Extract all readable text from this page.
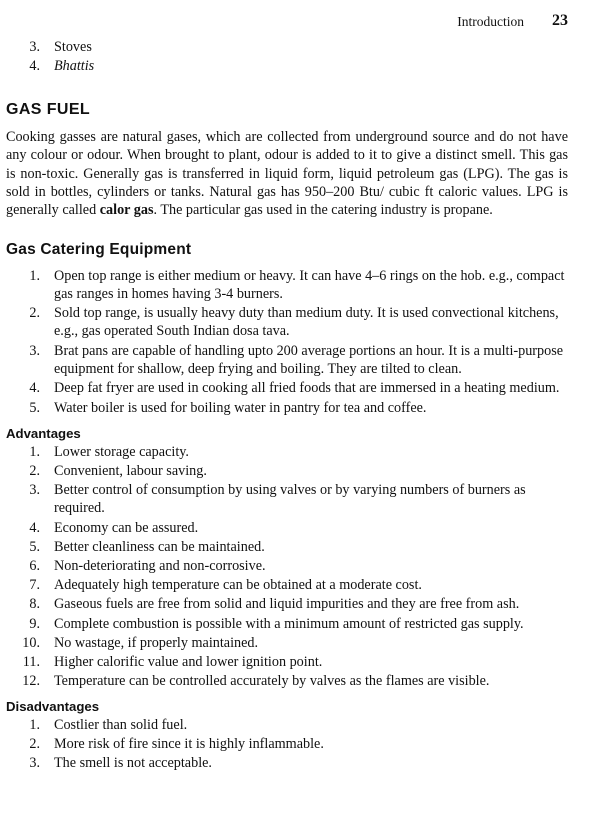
Introduction 23
3. Stoves
4. Bhattis
GAS FUEL

Cooking gasses are natural gases, which are collected from underground source and do not have any colour or odour. When brought to plant, odour is added to it to give a distinct smell. This gas is non-toxic. Generally gas is transferred in liquid form, liquid petroleum gas (LPG). The gas is sold in bottles, cylinders or tanks. Natural gas has 950–200 Btu/ cubic ft caloric values. LPG is generally called calor gas. The particular gas used in the catering industry is propane.

Gas Catering Equipment
1. Open top range is either medium or heavy. It can have 4–6 rings on the hob. e.g., compact gas ranges in homes having 3-4 burners.
2. Sold top range, is usually heavy duty than medium duty. It is used convectional kitchens, e.g., gas operated South Indian dosa tava.
3. Brat pans are capable of handling upto 200 average portions an hour. It is a multi-purpose equipment for shallow, deep frying and boiling. They are tilted to clean.
4. Deep fat fryer are used in cooking all fried foods that are immersed in a heating medium.
5. Water boiler is used for boiling water in pantry for tea and coffee.
Advantages
1. Lower storage capacity.
2. Convenient, labour saving.
3. Better control of consumption by using valves or by varying numbers of burners as required.
4. Economy can be assured.
5. Better cleanliness can be maintained.
6. Non-deteriorating and non-corrosive.
7. Adequately high temperature can be obtained at a moderate cost.
8. Gaseous fuels are free from solid and liquid impurities and they are free from ash.
9. Complete combustion is possible with a minimum amount of restricted gas supply.
10. No wastage, if properly maintained.
11. Higher calorific value and lower ignition point.
12. Temperature can be controlled accurately by valves as the flames are visible.
Disadvantages
1. Costlier than solid fuel.
2. More risk of fire since it is highly inflammable.
3. The smell is not acceptable.
